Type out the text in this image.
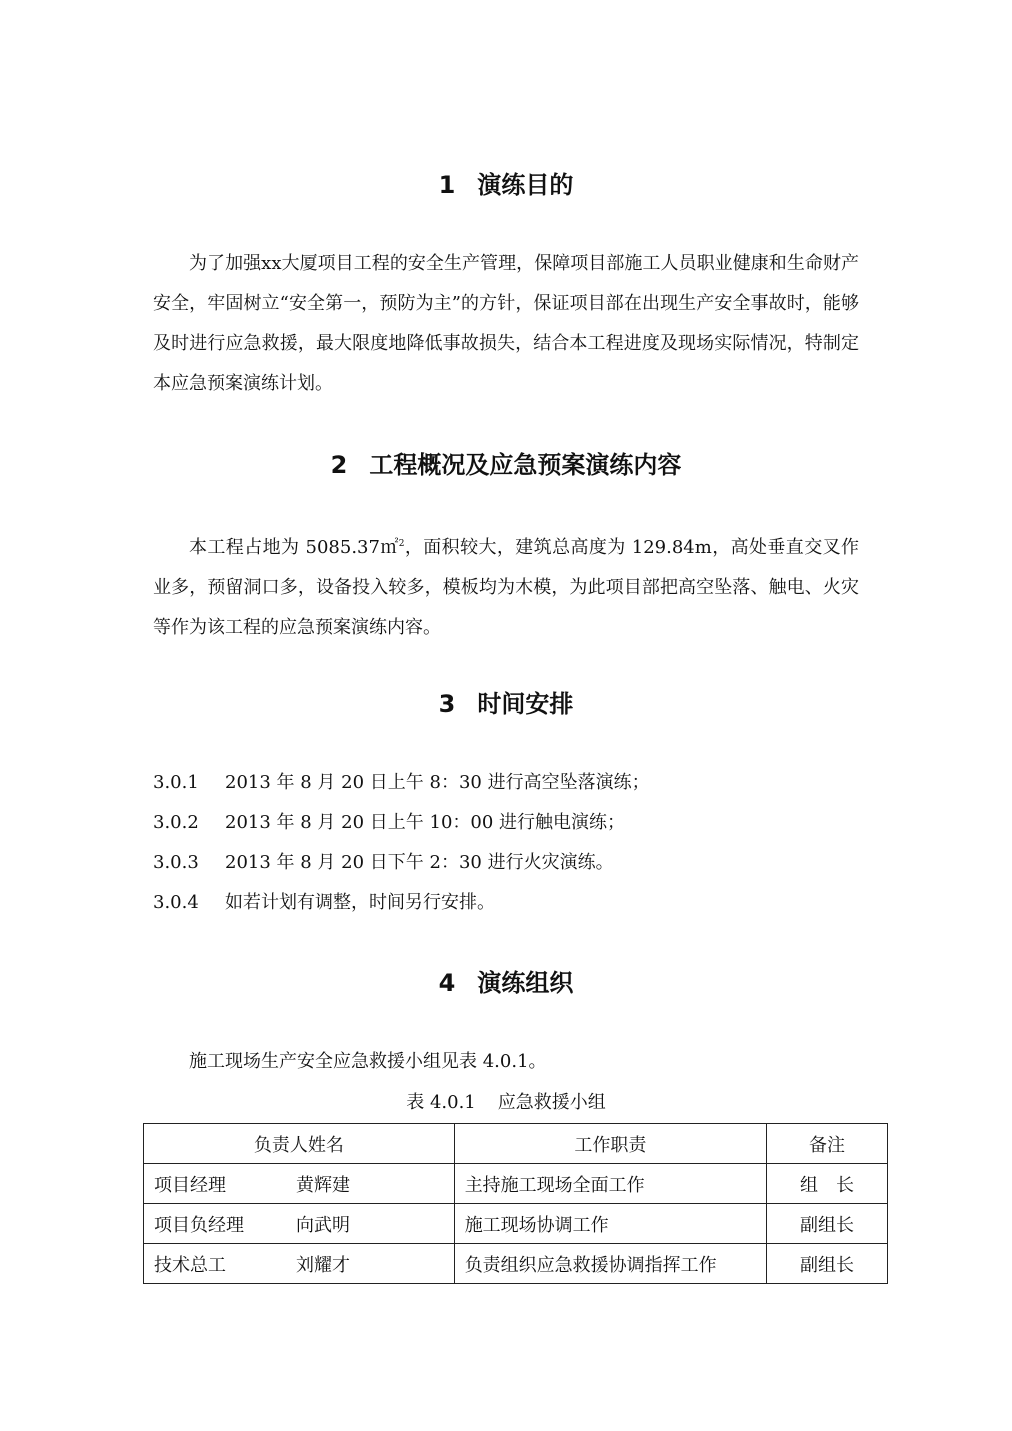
1 演练目的

为了加强xx大厦项目工程的安全生产管理，保障项目部施工人员职业健康和生命财产安全，牢固树立“安全第一，预防为主”的方针，保证项目部在出现生产安全事故时，能够及时进行应急救援，最大限度地降低事故损失，结合本工程进度及现场实际情况，特制定本应急预案演练计划。

2 工程概况及应急预案演练内容

本工程占地为 5085.37㎡$^2$，面积较大，建筑总高度为 129.84m，高处垂直交叉作业多，预留洞口多，设备投入较多，模板均为木模，为此项目部把高空坠落、触电、火灾等作为该工程的应急预案演练内容。

3 时间安排
3.0.1 2013 年 8 月 20 日上午 8：30 进行高空坠落演练；
3.0.2 2013 年 8 月 20 日上午 10：00 进行触电演练；
3.0.3 2013 年 8 月 20 日下午 2：30 进行火灾演练。
3.0.4 如若计划有调整，时间另行安排。
4 演练组织

施工现场生产安全应急救援小组见表 4.0.1。

表 4.0.1 应急救援小组
负责人姓名	工作职责	备注
项目经理 黄辉建	主持施工现场全面工作	组　长
项目负经理 向武明	施工现场协调工作	副组长
技术总工 刘耀才	负责组织应急救援协调指挥工作	副组长
